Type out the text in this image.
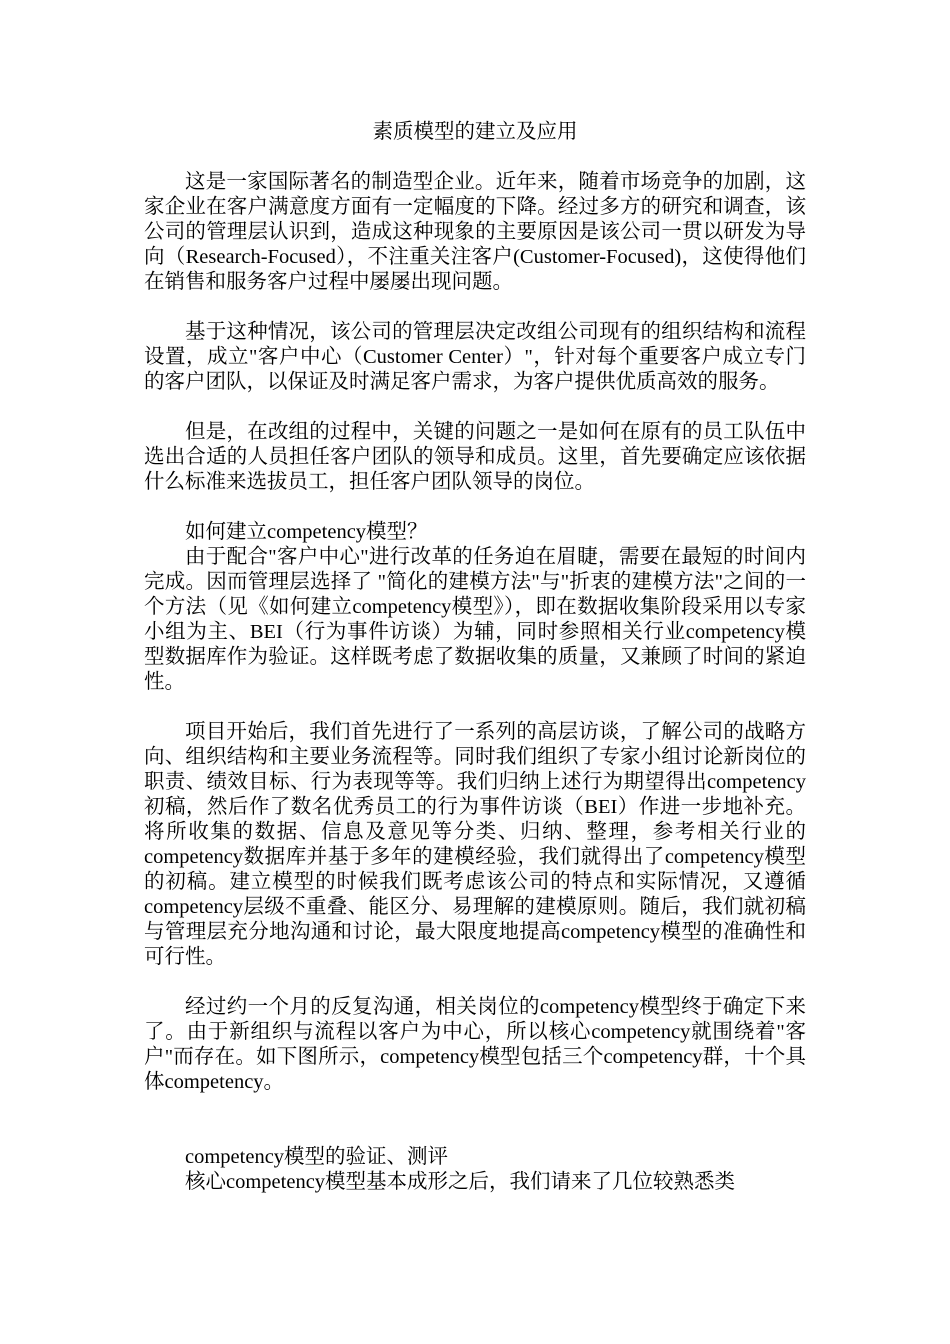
素质模型的建立及应用

这是一家国际著名的制造型企业。近年来，随着市场竞争的加剧，这家企业在客户满意度方面有一定幅度的下降。经过多方的研究和调查，该公司的管理层认识到，造成这种现象的主要原因是该公司一贯以研发为导向（Research-Focused），不注重关注客户(Customer-Focused)，这使得他们在销售和服务客户过程中屡屡出现问题。

基于这种情况，该公司的管理层决定改组公司现有的组织结构和流程设置，成立"客户中心（Customer Center）"，针对每个重要客户成立专门的客户团队，以保证及时满足客户需求，为客户提供优质高效的服务。

但是，在改组的过程中，关键的问题之一是如何在原有的员工队伍中选出合适的人员担任客户团队的领导和成员。这里，首先要确定应该依据什么标准来选拔员工，担任客户团队领导的岗位。

如何建立competency模型？

由于配合"客户中心"进行改革的任务迫在眉睫，需要在最短的时间内完成。因而管理层选择了 "简化的建模方法"与"折衷的建模方法"之间的一个方法（见《如何建立competency模型》），即在数据收集阶段采用以专家小组为主、BEI（行为事件访谈）为辅，同时参照相关行业competency模型数据库作为验证。这样既考虑了数据收集的质量，又兼顾了时间的紧迫性。

项目开始后，我们首先进行了一系列的高层访谈，了解公司的战略方向、组织结构和主要业务流程等。同时我们组织了专家小组讨论新岗位的职责、绩效目标、行为表现等等。我们归纳上述行为期望得出competency初稿，然后作了数名优秀员工的行为事件访谈（BEI）作进一步地补充。将所收集的数据、信息及意见等分类、归纳、整理，参考相关行业的competency数据库并基于多年的建模经验，我们就得出了competency模型的初稿。建立模型的时候我们既考虑该公司的特点和实际情况，又遵循competency层级不重叠、能区分、易理解的建模原则。随后，我们就初稿与管理层充分地沟通和讨论，最大限度地提高competency模型的准确性和可行性。

经过约一个月的反复沟通，相关岗位的competency模型终于确定下来了。由于新组织与流程以客户为中心，所以核心competency就围绕着"客户"而存在。如下图所示，competency模型包括三个competency群，十个具体competency。

competency模型的验证、测评

核心competency模型基本成形之后，我们请来了几位较熟悉类
